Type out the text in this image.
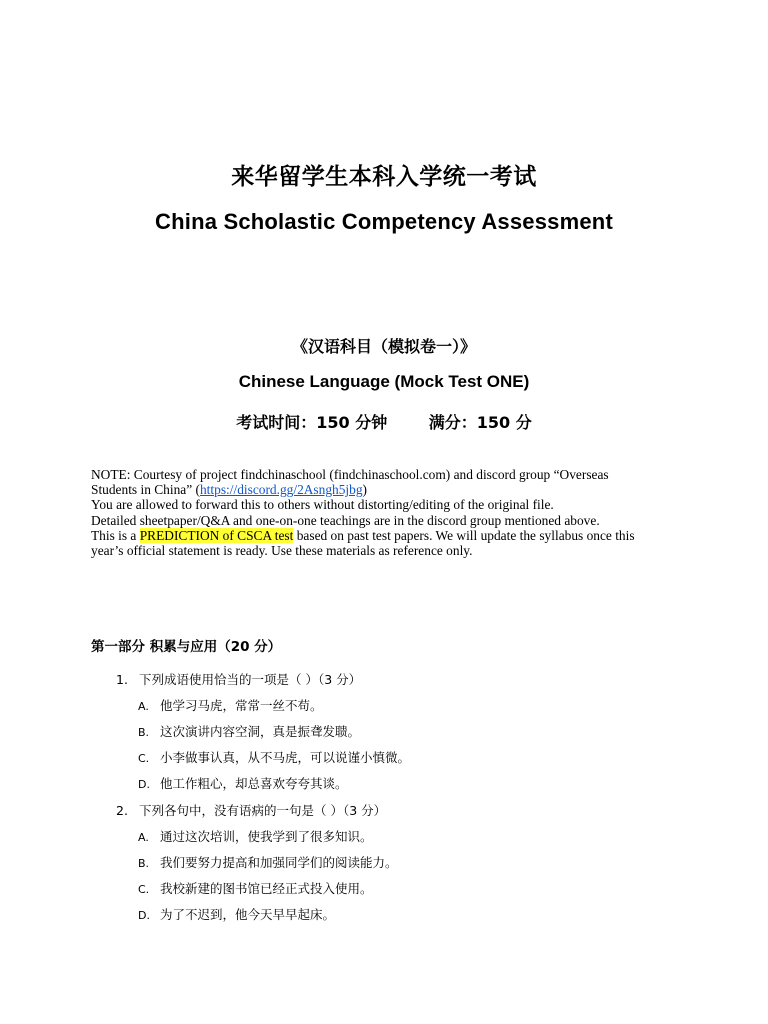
来华留学生本科入学统一考试
China Scholastic Competency Assessment
《汉语科目（模拟卷一）》
Chinese Language (Mock Test ONE)
考试时间：150 分钟	满分：150 分
NOTE: Courtesy of project findchinaschool (findchinaschool.com) and discord group “Overseas
Students in China” (https://discord.gg/2Asngh5jbg)
You are allowed to forward this to others without distorting/editing of the original file.
Detailed sheetpaper/Q&A and one-on-one teachings are in the discord group mentioned above.
This is a PREDICTION of CSCA test based on past test papers. We will update the syllabus once this
year’s official statement is ready. Use these materials as reference only.
第一部分 积累与应用（20 分）
1. 下列成语使用恰当的一项是（ ）（3 分）
A. 他学习马虎，常常一丝不苟。
B. 这次演讲内容空洞，真是振聋发聩。
C. 小李做事认真，从不马虎，可以说谨小慎微。
D. 他工作粗心，却总喜欢夸夸其谈。
2. 下列各句中，没有语病的一句是（ ）（3 分）
A. 通过这次培训，使我学到了很多知识。
B. 我们要努力提高和加强同学们的阅读能力。
C. 我校新建的图书馆已经正式投入使用。
D. 为了不迟到，他今天早早起床。
